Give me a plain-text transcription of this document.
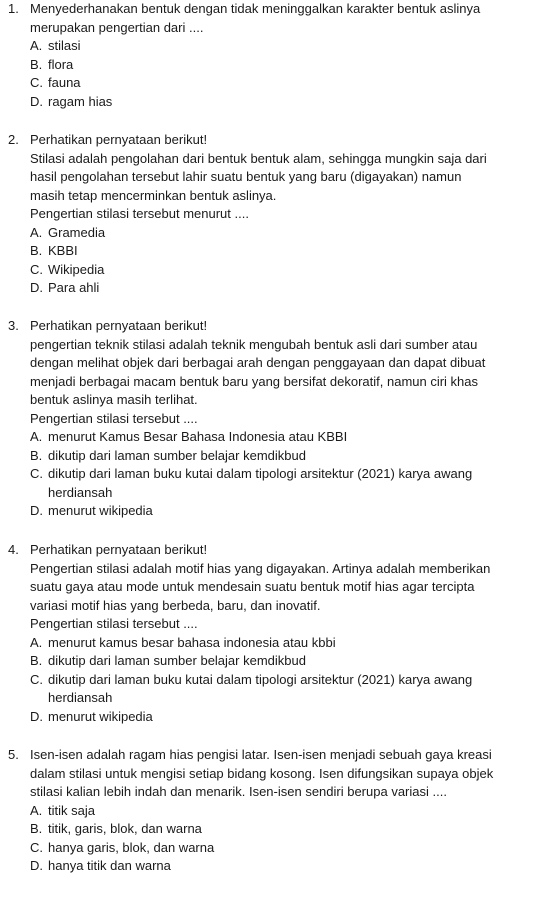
1. Menyederhanakan bentuk dengan tidak meninggalkan karakter bentuk aslinya
merupakan pengertian dari ....
A. stilasi
B. flora
C. fauna
D. ragam hias
2. Perhatikan pernyataan berikut!
Stilasi adalah pengolahan dari bentuk bentuk alam, sehingga mungkin saja dari
hasil pengolahan tersebut lahir suatu bentuk yang baru (digayakan) namun
masih tetap mencerminkan bentuk aslinya.
Pengertian stilasi tersebut menurut ....
A. Gramedia
B. KBBI
C. Wikipedia
D. Para ahli
3. Perhatikan pernyataan berikut!
pengertian teknik stilasi adalah teknik mengubah bentuk asli dari sumber atau
dengan melihat objek dari berbagai arah dengan penggayaan dan dapat dibuat
menjadi berbagai macam bentuk baru yang bersifat dekoratif, namun ciri khas
bentuk aslinya masih terlihat.
Pengertian stilasi tersebut ....
A. menurut Kamus Besar Bahasa Indonesia atau KBBI
B. dikutip dari laman sumber belajar kemdikbud
C. dikutip dari laman buku kutai dalam tipologi arsitektur (2021) karya awang
herdiansah
D. menurut wikipedia
4. Perhatikan pernyataan berikut!
Pengertian stilasi adalah motif hias yang digayakan. Artinya adalah memberikan
suatu gaya atau mode untuk mendesain suatu bentuk motif hias agar tercipta
variasi motif hias yang berbeda, baru, dan inovatif.
Pengertian stilasi tersebut ....
A. menurut kamus besar bahasa indonesia atau kbbi
B. dikutip dari laman sumber belajar kemdikbud
C. dikutip dari laman buku kutai dalam tipologi arsitektur (2021) karya awang
herdiansah
D. menurut wikipedia
5. Isen-isen adalah ragam hias pengisi latar. Isen-isen menjadi sebuah gaya kreasi
dalam stilasi untuk mengisi setiap bidang kosong. Isen difungsikan supaya objek
stilasi kalian lebih indah dan menarik. Isen-isen sendiri berupa variasi ....
A. titik saja
B. titik, garis, blok, dan warna
C. hanya garis, blok, dan warna
D. hanya titik dan warna
